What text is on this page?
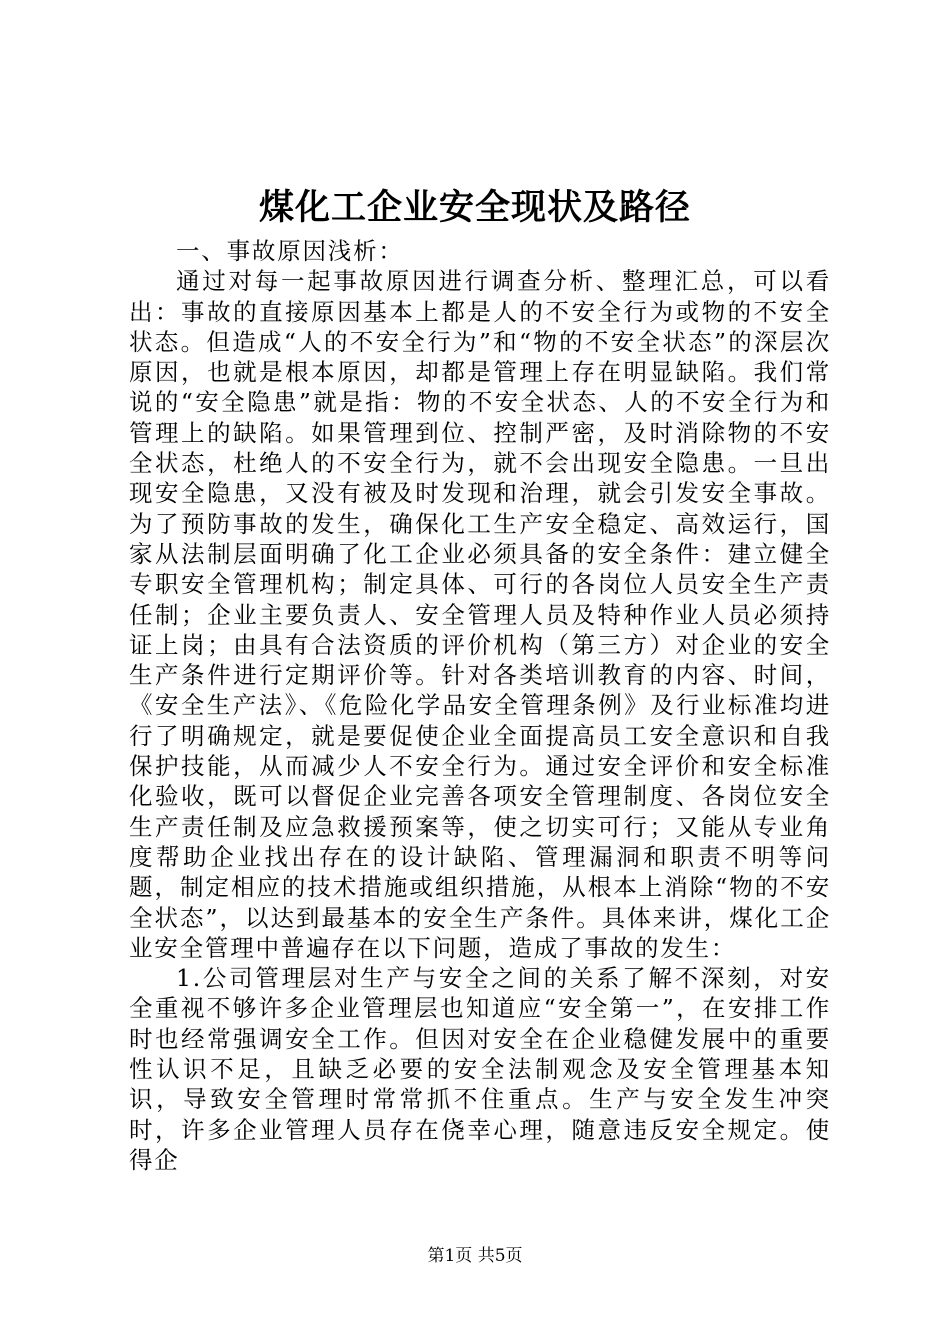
煤化工企业安全现状及路径

一、事故原因浅析：

通过对每一起事故原因进行调查分析、整理汇总，可以看出：事故的直接原因基本上都是人的不安全行为或物的不安全状态。但造成“人的不安全行为”和“物的不安全状态”的深层次原因，也就是根本原因，却都是管理上存在明显缺陷。我们常说的“安全隐患”就是指：物的不安全状态、人的不安全行为和管理上的缺陷。如果管理到位、控制严密，及时消除物的不安全状态，杜绝人的不安全行为，就不会出现安全隐患。一旦出现安全隐患，又没有被及时发现和治理，就会引发安全事故。为了预防事故的发生，确保化工生产安全稳定、高效运行，国家从法制层面明确了化工企业必须具备的安全条件：建立健全专职安全管理机构；制定具体、可行的各岗位人员安全生产责任制；企业主要负责人、安全管理人员及特种作业人员必须持证上岗；由具有合法资质的评价机构（第三方）对企业的安全生产条件进行定期评价等。针对各类培训教育的内容、时间，《安全生产法》、《危险化学品安全管理条例》及行业标准均进行了明确规定，就是要促使企业全面提高员工安全意识和自我保护技能，从而减少人不安全行为。通过安全评价和安全标准化验收，既可以督促企业完善各项安全管理制度、各岗位安全生产责任制及应急救援预案等，使之切实可行；又能从专业角度帮助企业找出存在的设计缺陷、管理漏洞和职责不明等问题，制定相应的技术措施或组织措施，从根本上消除“物的不安全状态”，以达到最基本的安全生产条件。具体来讲，煤化工企业安全管理中普遍存在以下问题，造成了事故的发生：

1.公司管理层对生产与安全之间的关系了解不深刻，对安全重视不够许多企业管理层也知道应“安全第一”，在安排工作时也经常强调安全工作。但因对安全在企业稳健发展中的重要性认识不足，且缺乏必要的安全法制观念及安全管理基本知识，导致安全管理时常常抓不住重点。生产与安全发生冲突时，许多企业管理人员存在侥幸心理，随意违反安全规定。使得企

第1页 共5页
